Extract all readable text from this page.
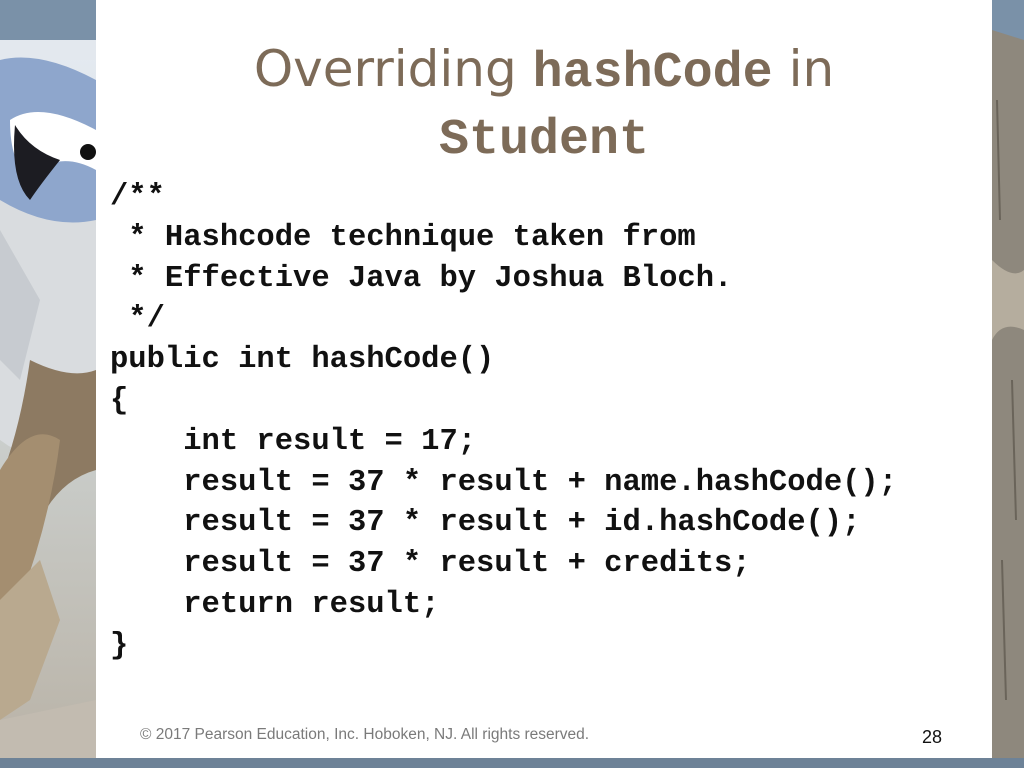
Overriding hashCode in
Student
/**
* Hashcode technique taken from
* Effective Java by Joshua Bloch.
*/
public int hashCode()
{
int result = 17;
result = 37 * result + name.hashCode();
result = 37 * result + id.hashCode();
result = 37 * result + credits;
return result;
}
© 2017 Pearson Education, Inc. Hoboken, NJ. All rights reserved.	28
